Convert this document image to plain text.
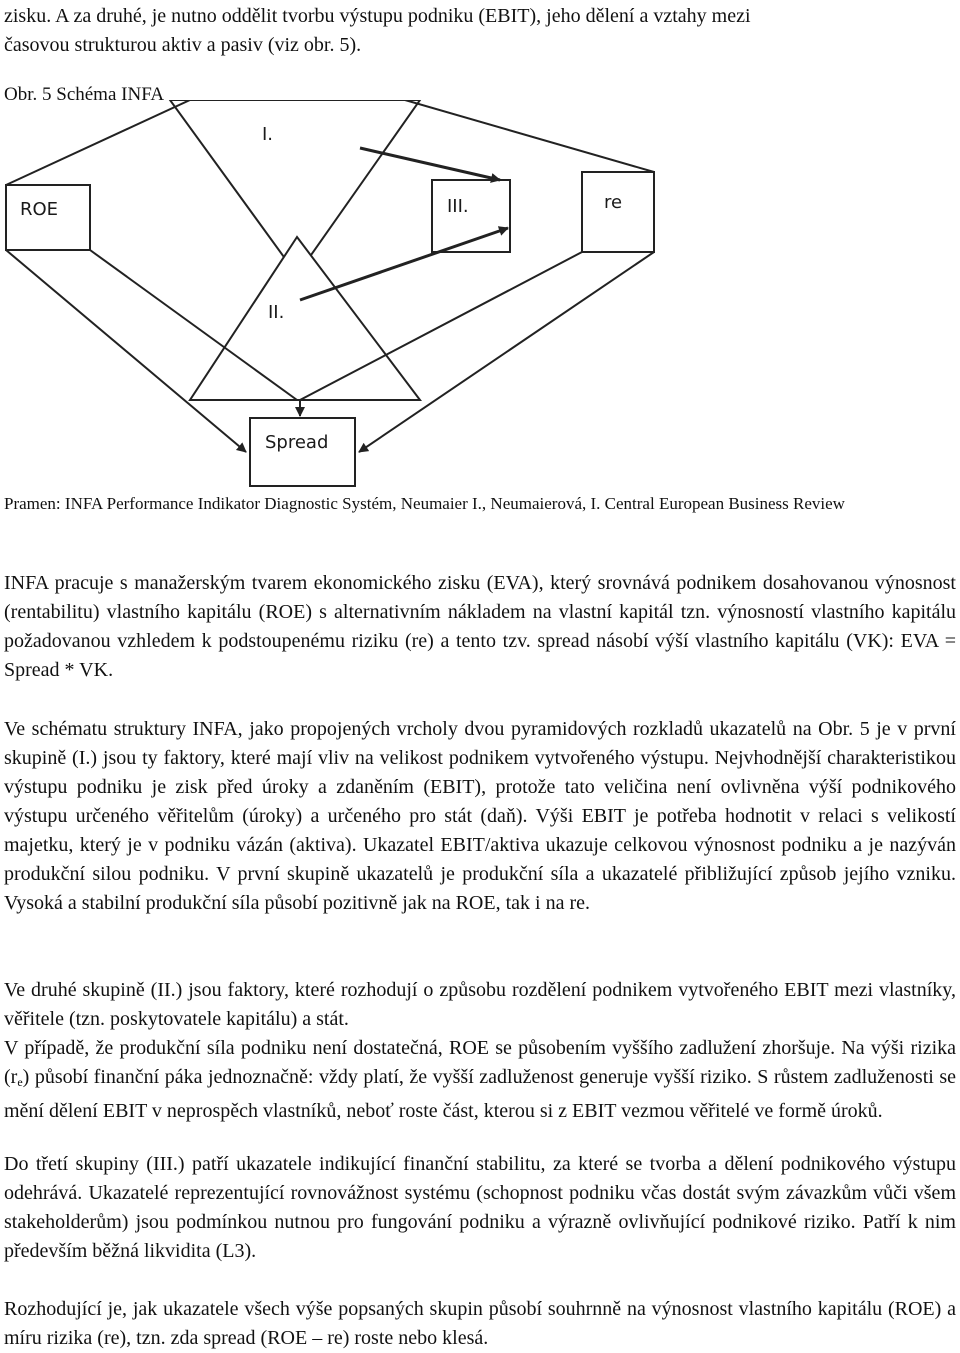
zisku. A za druhé, je nutno oddělit tvorbu výstupu podniku (EBIT), jeho dělení a vztahy mezi
časovou strukturou aktiv a pasiv (viz obr. 5).
Obr. 5 Schéma INFA
ROE	re
III.
I.
II.
Spread
Pramen: INFA Performance Indikator Diagnostic Systém, Neumaier I., Neumaierová, I. Central European Business Review
INFA pracuje s manažerským tvarem ekonomického zisku (EVA), který srovnává podnikem dosahovanou výnosnost (rentabilitu) vlastního kapitálu (ROE) s alternativním nákladem na vlastní kapitál tzn. výnosností vlastního kapitálu požadovanou vzhledem k podstoupenému riziku (re) a tento tzv. spread násobí výší vlastního kapitálu (VK): EVA = Spread * VK.
Ve schématu struktury INFA, jako propojených vrcholy dvou pyramidových rozkladů ukazatelů na Obr. 5 je v první skupině (I.) jsou ty faktory, které mají vliv na velikost podnikem vytvořeného výstupu. Nejvhodnější charakteristikou výstupu podniku je zisk před úroky a zdaněním (EBIT), protože tato veličina není ovlivněna výší podnikového výstupu určeného věřitelům (úroky) a určeného pro stát (daň). Výši EBIT je potřeba hodnotit v relaci s velikostí majetku, který je v podniku vázán (aktiva). Ukazatel EBIT/aktiva ukazuje celkovou výnosnost podniku a je nazýván produkční silou podniku. V první skupině ukazatelů je produkční síla a ukazatelé přibližující způsob jejího vzniku. Vysoká a stabilní produkční síla působí pozitivně jak na ROE, tak i na re.
Ve druhé skupině (II.) jsou faktory, které rozhodují o způsobu rozdělení podnikem vytvořeného EBIT mezi vlastníky, věřitele (tzn. poskytovatele kapitálu) a stát.
V případě, že produkční síla podniku není dostatečná, ROE se působením vyššího zadlužení zhoršuje. Na výši rizika $(r_e)$ působí finanční páka jednoznačně: vždy platí, že vyšší zadluženost generuje vyšší riziko. S růstem zadluženosti se mění dělení EBIT v neprospěch vlastníků, neboť roste část, kterou si z EBIT vezmou věřitelé ve formě úroků.
Do třetí skupiny (III.) patří ukazatele indikující finanční stabilitu, za které se tvorba a dělení podnikového výstupu odehrává. Ukazatelé reprezentující rovnovážnost systému (schopnost podniku včas dostát svým závazkům vůči všem stakeholderům) jsou podmínkou nutnou pro fungování podniku a výrazně ovlivňující podnikové riziko. Patří k nim především běžná likvidita (L3).
Rozhodující je, jak ukazatele všech výše popsaných skupin působí souhrnně na výnosnost vlastního kapitálu (ROE) a míru rizika (re), tzn. zda spread (ROE – re) roste nebo klesá.
